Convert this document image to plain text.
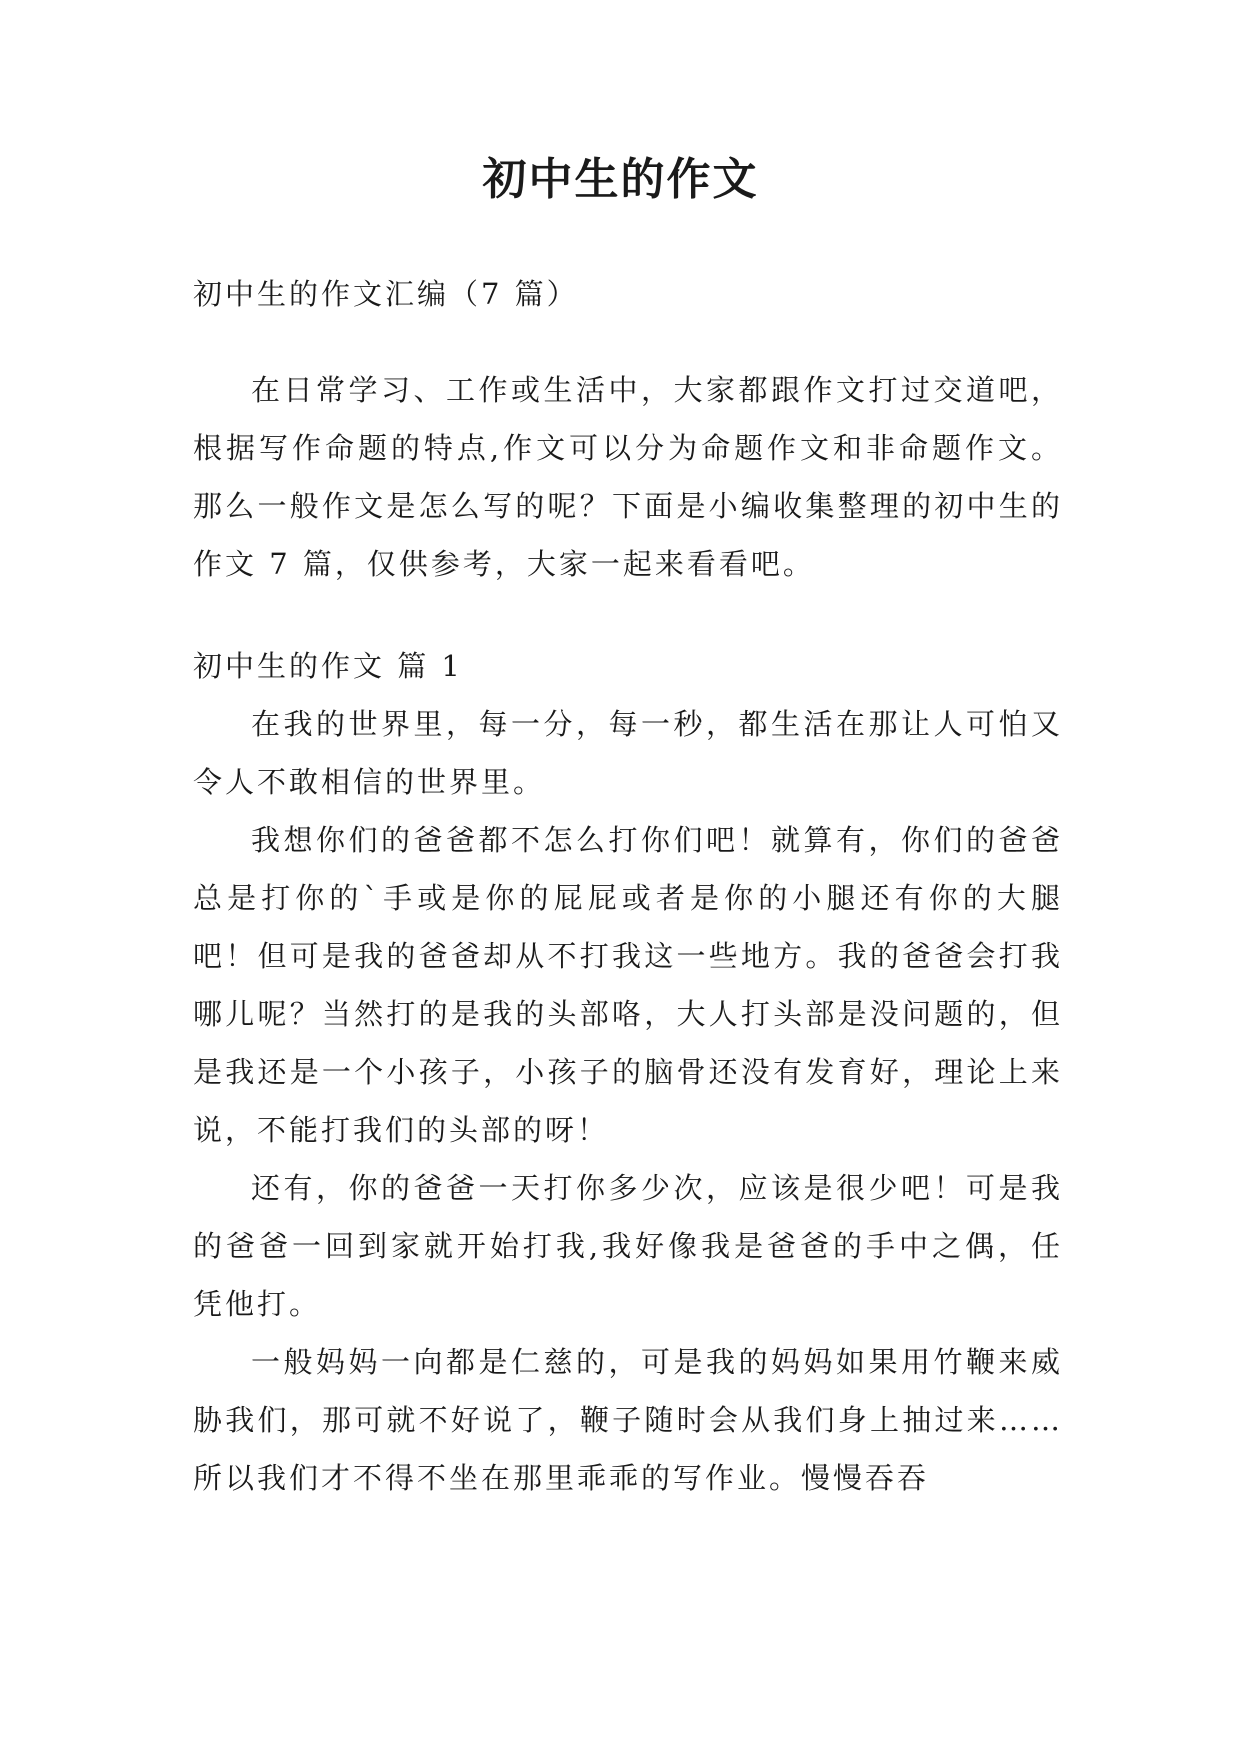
初中生的作文

初中生的作文汇编（7 篇）

在日常学习、工作或生活中，大家都跟作文打过交道吧，根据写作命题的特点,作文可以分为命题作文和非命题作文。那么一般作文是怎么写的呢？下面是小编收集整理的初中生的作文 7 篇，仅供参考，大家一起来看看吧。

初中生的作文 篇 1

在我的世界里，每一分，每一秒，都生活在那让人可怕又令人不敢相信的世界里。

我想你们的爸爸都不怎么打你们吧！就算有，你们的爸爸总是打你的`手或是你的屁屁或者是你的小腿还有你的大腿吧！但可是我的爸爸却从不打我这一些地方。我的爸爸会打我哪儿呢？当然打的是我的头部咯，大人打头部是没问题的，但是我还是一个小孩子，小孩子的脑骨还没有发育好，理论上来说，不能打我们的头部的呀！

还有，你的爸爸一天打你多少次，应该是很少吧！可是我的爸爸一回到家就开始打我,我好像我是爸爸的手中之偶，任凭他打。

一般妈妈一向都是仁慈的，可是我的妈妈如果用竹鞭来威胁我们，那可就不好说了，鞭子随时会从我们身上抽过来……所以我们才不得不坐在那里乖乖的写作业。慢慢吞吞
